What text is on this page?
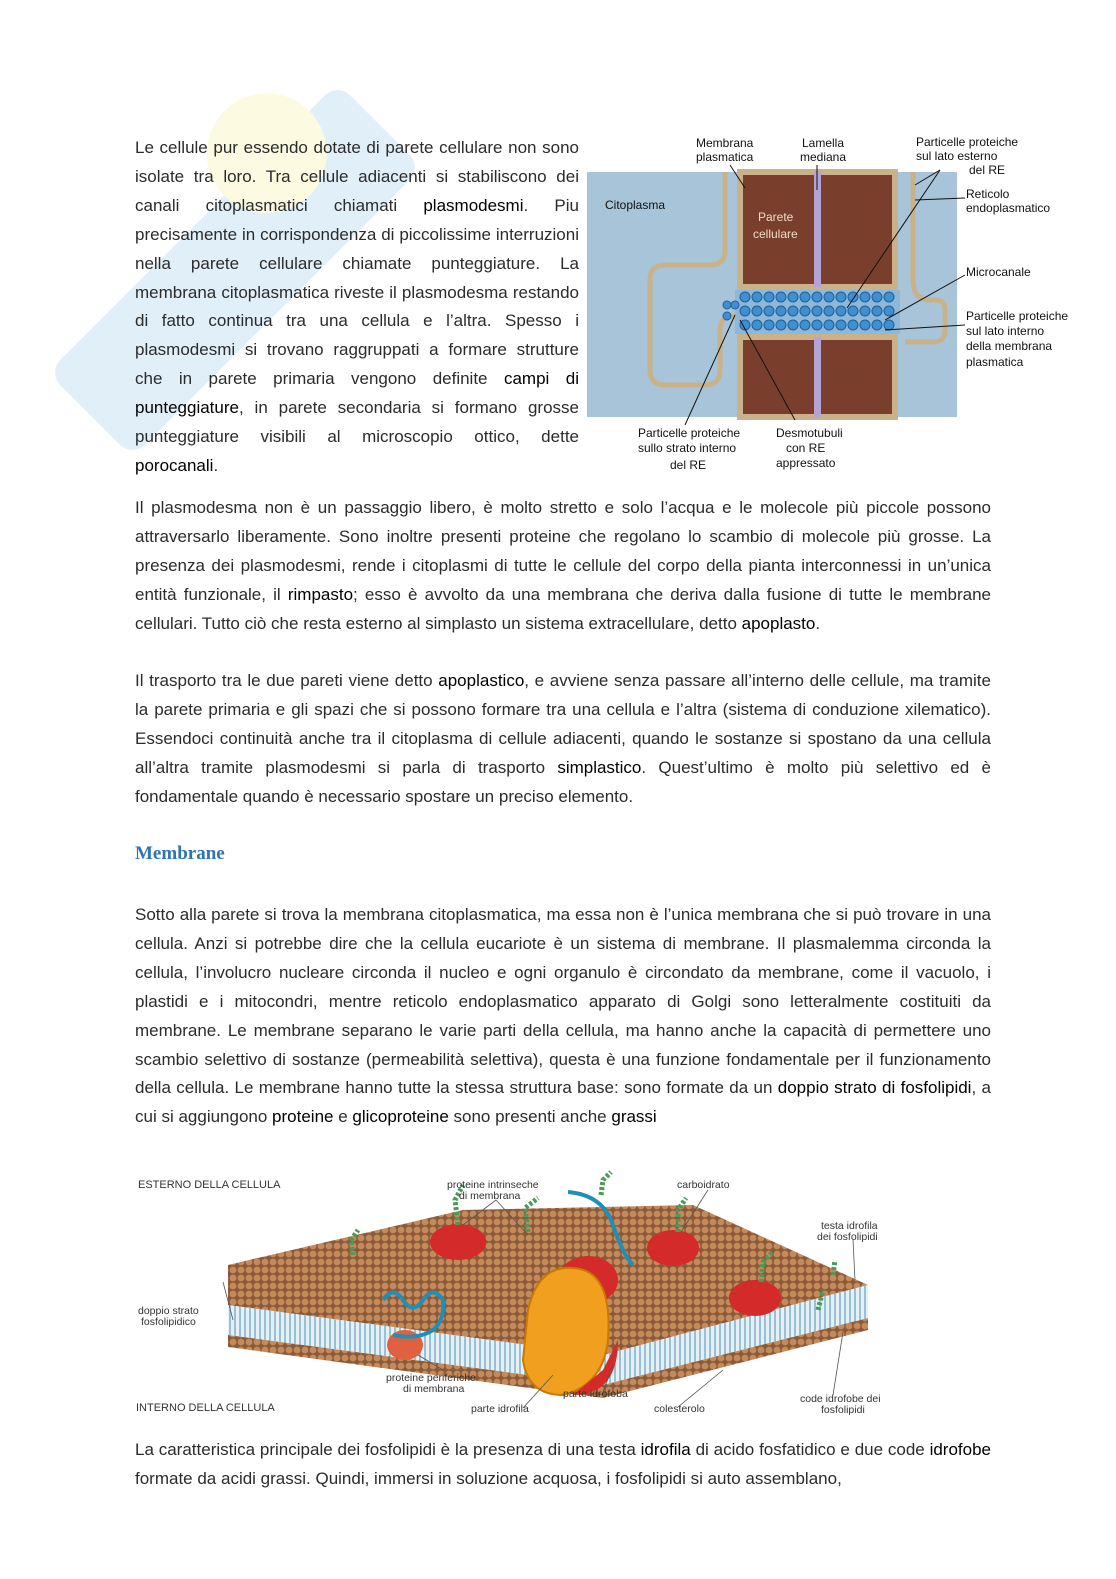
Le cellule pur essendo dotate di parete cellulare non sono isolate tra loro. Tra cellule adiacenti si stabiliscono dei canali citoplasmatici chiamati plasmodesmi. Piu precisamente in corrispondenza di piccolissime interruzioni nella parete cellulare chiamate punteggiature. La membrana citoplasmatica riveste il plasmodesma restando di fatto continua tra una cellula e l’altra. Spesso i plasmodesmi si trovano raggruppati a formare strutture che in parete primaria vengono definite campi di punteggiature, in parete secondaria si formano grosse punteggiature visibili al microscopio ottico, dette porocanali.
Membrana
plasmatica
Lamella
mediana
Particelle proteiche
sul lato esterno
del RE
Reticolo
endoplasmatico
Citoplasma
Parete
cellulare
Microcanale
Particelle proteiche
sul lato interno
della membrana
plasmatica
Particelle proteiche
sullo strato interno
del RE
Desmotubuli
con RE
appressato
Il plasmodesma non è un passaggio libero, è molto stretto e solo l’acqua e le molecole più piccole possono attraversarlo liberamente. Sono inoltre presenti proteine che regolano lo scambio di molecole più grosse. La presenza dei plasmodesmi, rende i citoplasmi di tutte le cellule del corpo della pianta interconnessi in un’unica entità funzionale, il rimpasto; esso è avvolto da una membrana che deriva dalla fusione di tutte le membrane cellulari. Tutto ciò che resta esterno al simplasto un sistema extracellulare, detto apoplasto.
Il trasporto tra le due pareti viene detto apoplastico, e avviene senza passare all’interno delle cellule, ma tramite la parete primaria e gli spazi che si possono formare tra una cellula e l’altra (sistema di conduzione xilematico). Essendoci continuità anche tra il citoplasma di cellule adiacenti, quando le sostanze si spostano da una cellula all’altra tramite plasmodesmi si parla di trasporto simplastico. Quest’ultimo è molto più selettivo ed è fondamentale quando è necessario spostare un preciso elemento.
Membrane
Sotto alla parete si trova la membrana citoplasmatica, ma essa non è l’unica membrana che si può trovare in una cellula. Anzi si potrebbe dire che la cellula eucariote è un sistema di membrane. Il plasmalemma circonda la cellula, l’involucro nucleare circonda il nucleo e ogni organulo è circondato da membrane, come il vacuolo, i plastidi e i mitocondri, mentre reticolo endoplasmatico apparato di Golgi sono letteralmente costituiti da membrane. Le membrane separano le varie parti della cellula, ma hanno anche la capacità di permettere uno scambio selettivo di sostanze (permeabilità selettiva), questa è una funzione fondamentale per il funzionamento della cellula. Le membrane hanno tutte la stessa struttura base: sono formate da un doppio strato di fosfolipidi, a cui si aggiungono proteine e glicoproteine sono presenti anche grassi
ESTERNO DELLA CELLULA
INTERNO DELLA CELLULA
proteine intrinseche
di membrana
carboidrato
testa idrofila
dei fosfolipidi
doppio strato
fosfolipidico
proteine periferiche
di membrana
parte idrofila
parte idrofoba
colesterolo
code idrofobe dei
fosfolipidi
La caratteristica principale dei fosfolipidi è la presenza di una testa idrofila di acido fosfatidico e due code idrofobe formate da acidi grassi. Quindi, immersi in soluzione acquosa, i fosfolipidi si auto assemblano,
